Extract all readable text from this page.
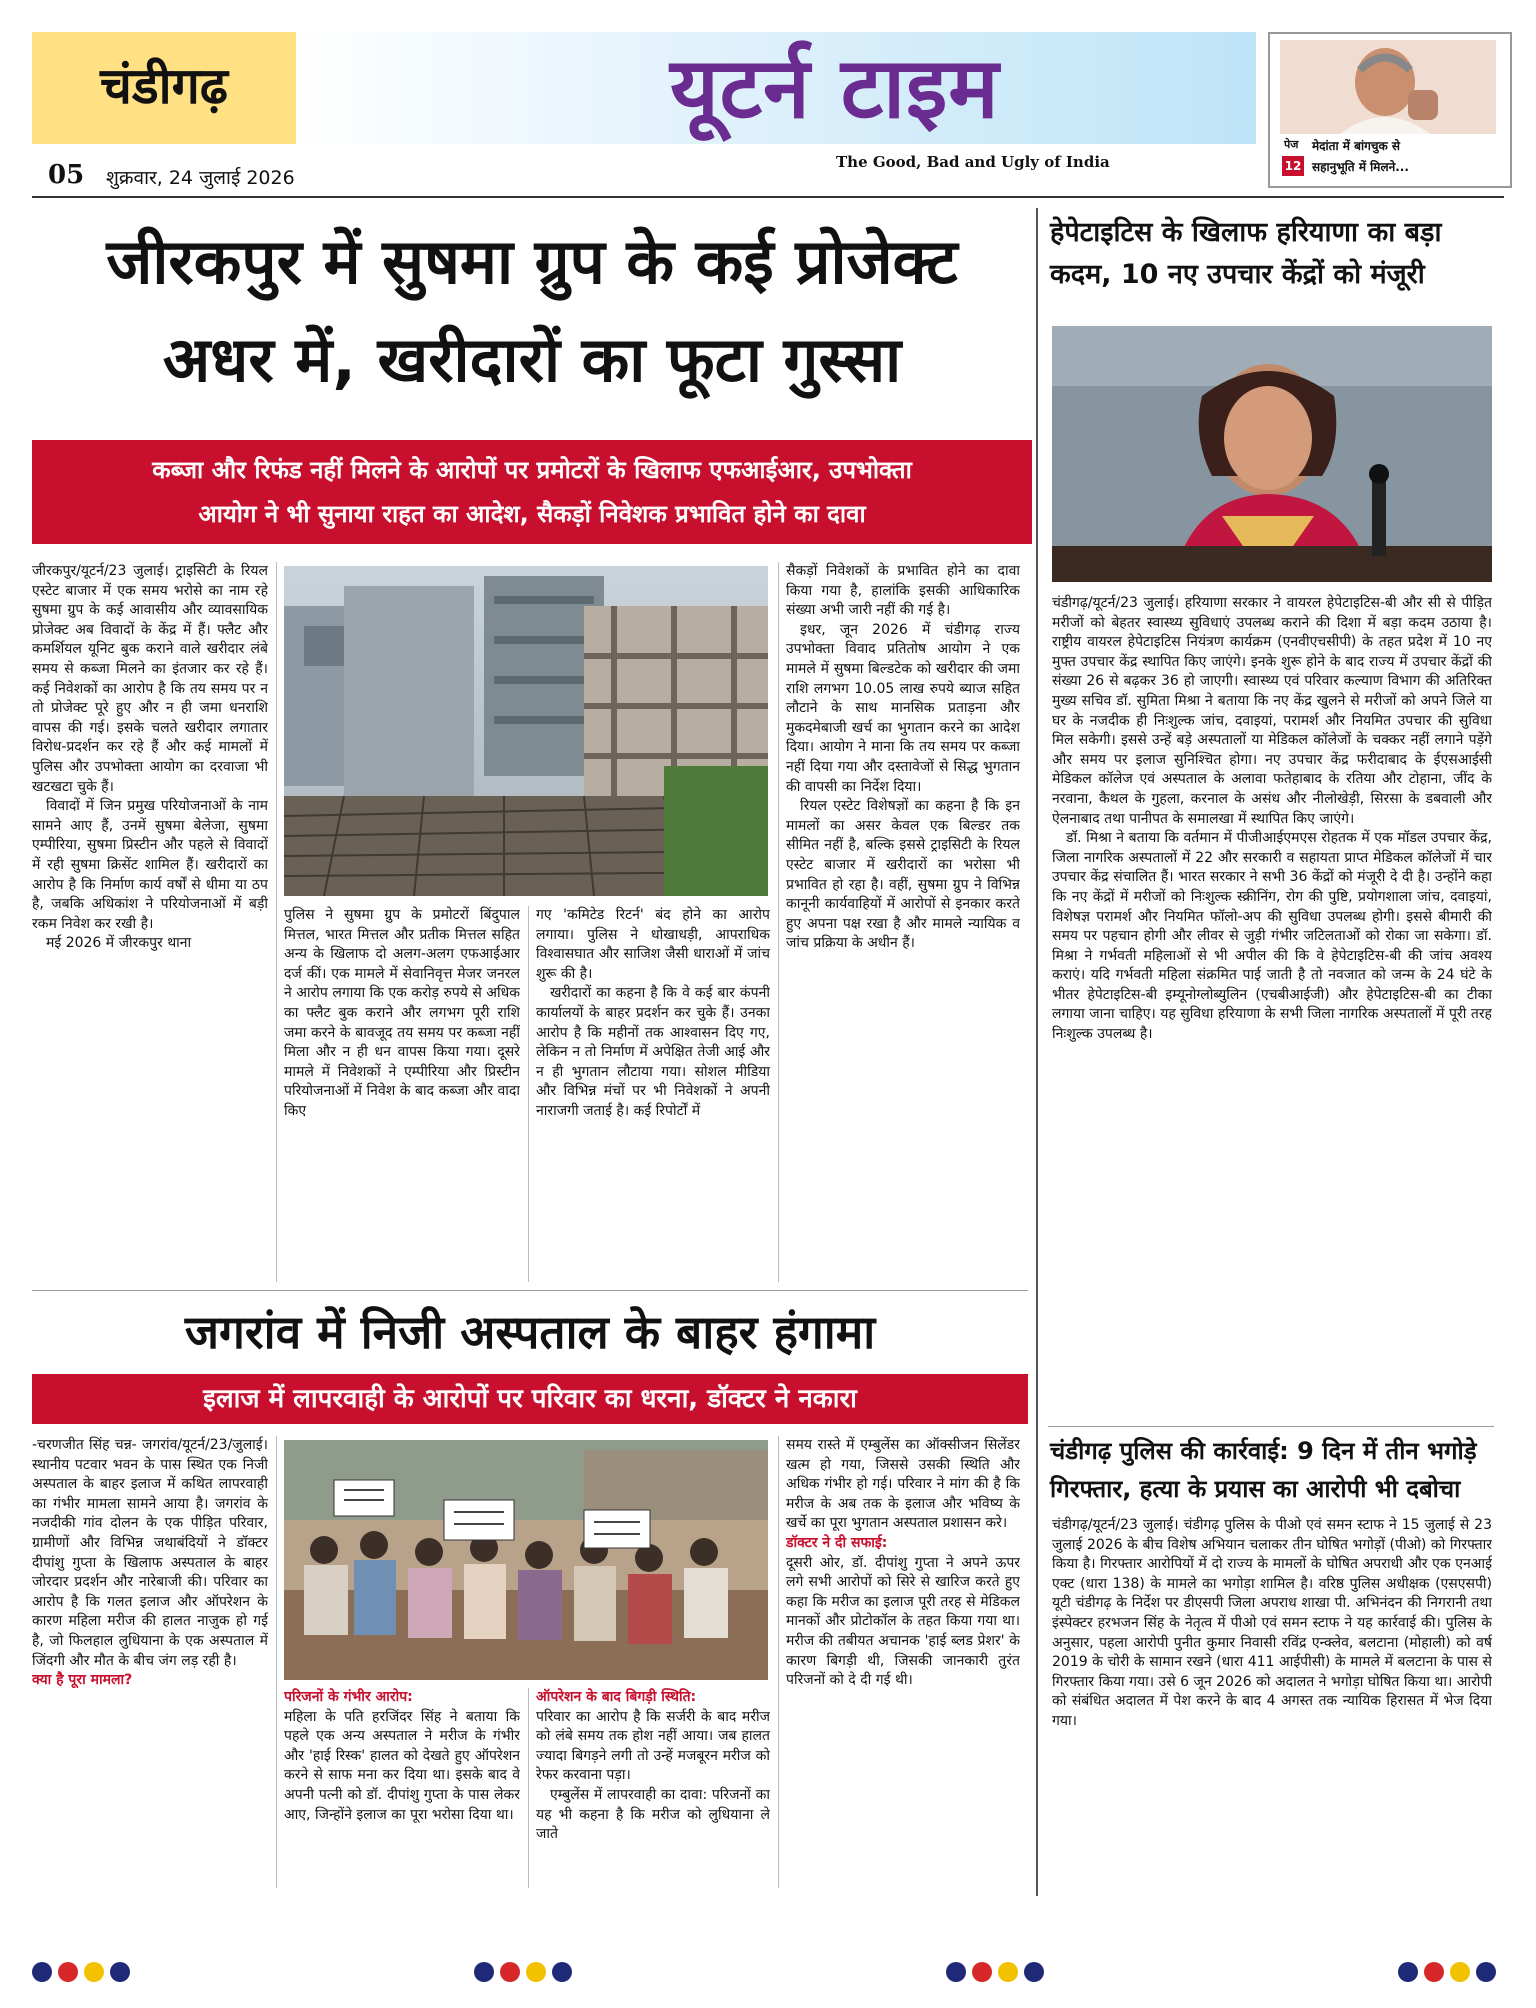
चंडीगढ़	यूटर्न टाइम
The Good, Bad and Ugly of India
05 शुक्रवार, 24 जुलाई 2026
पेज
12
मेदांता में बांगचुक से
सहानुभूति में मिलने...
जीरकपुर में सुषमा ग्रुप के कई प्रोजेक्ट
अधर में, खरीदारों का फूटा गुस्सा
कब्जा और रिफंड नहीं मिलने के आरोपों पर प्रमोटरों के खिलाफ एफआईआर, उपभोक्ता
आयोग ने भी सुनाया राहत का आदेश, सैकड़ों निवेशक प्रभावित होने का दावा

जीरकपुर/यूटर्न/23 जुलाई। ट्राइसिटी के रियल एस्टेट बाजार में एक समय भरोसे का नाम रहे सुषमा ग्रुप के कई आवासीय और व्यावसायिक प्रोजेक्ट अब विवादों के केंद्र में हैं। फ्लैट और कमर्शियल यूनिट बुक कराने वाले खरीदार लंबे समय से कब्जा मिलने का इंतजार कर रहे हैं। कई निवेशकों का आरोप है कि तय समय पर न तो प्रोजेक्ट पूरे हुए और न ही जमा धनराशि वापस की गई। इसके चलते खरीदार लगातार विरोध-प्रदर्शन कर रहे हैं और कई मामलों में पुलिस और उपभोक्ता आयोग का दरवाजा भी खटखटा चुके हैं।

विवादों में जिन प्रमुख परियोजनाओं के नाम सामने आए हैं, उनमें सुषमा बेलेजा, सुषमा एम्पीरिया, सुषमा प्रिस्टीन और पहले से विवादों में रही सुषमा क्रिसेंट शामिल हैं। खरीदारों का आरोप है कि निर्माण कार्य वर्षों से धीमा या ठप है, जबकि अधिकांश ने परियोजनाओं में बड़ी रकम निवेश कर रखी है।

मई 2026 में जीरकपुर थाना

पुलिस ने सुषमा ग्रुप के प्रमोटरों बिंदुपाल मित्तल, भारत मित्तल और प्रतीक मित्तल सहित अन्य के खिलाफ दो अलग-अलग एफआईआर दर्ज कीं। एक मामले में सेवानिवृत्त मेजर जनरल ने आरोप लगाया कि एक करोड़ रुपये से अधिक का फ्लैट बुक कराने और लगभग पूरी राशि जमा करने के बावजूद तय समय पर कब्जा नहीं मिला और न ही धन वापस किया गया। दूसरे मामले में निवेशकों ने एम्पीरिया और प्रिस्टीन परियोजनाओं में निवेश के बाद कब्जा और वादा किए

गए 'कमिटेड रिटर्न' बंद होने का आरोप लगाया। पुलिस ने धोखाधड़ी, आपराधिक विश्वासघात और साजिश जैसी धाराओं में जांच शुरू की है।

खरीदारों का कहना है कि वे कई बार कंपनी कार्यालयों के बाहर प्रदर्शन कर चुके हैं। उनका आरोप है कि महीनों तक आश्वासन दिए गए, लेकिन न तो निर्माण में अपेक्षित तेजी आई और न ही भुगतान लौटाया गया। सोशल मीडिया और विभिन्न मंचों पर भी निवेशकों ने अपनी नाराजगी जताई है। कई रिपोर्टों में

सैकड़ों निवेशकों के प्रभावित होने का दावा किया गया है, हालांकि इसकी आधिकारिक संख्या अभी जारी नहीं की गई है।

इधर, जून 2026 में चंडीगढ़ राज्य उपभोक्ता विवाद प्रतितोष आयोग ने एक मामले में सुषमा बिल्डटेक को खरीदार की जमा राशि लगभग 10.05 लाख रुपये ब्याज सहित लौटाने के साथ मानसिक प्रताड़ना और मुकदमेबाजी खर्च का भुगतान करने का आदेश दिया। आयोग ने माना कि तय समय पर कब्जा नहीं दिया गया और दस्तावेजों से सिद्ध भुगतान की वापसी का निर्देश दिया।

रियल एस्टेट विशेषज्ञों का कहना है कि इन मामलों का असर केवल एक बिल्डर तक सीमित नहीं है, बल्कि इससे ट्राइसिटी के रियल एस्टेट बाजार में खरीदारों का भरोसा भी प्रभावित हो रहा है। वहीं, सुषमा ग्रुप ने विभिन्न कानूनी कार्यवाहियों में आरोपों से इनकार करते हुए अपना पक्ष रखा है और मामले न्यायिक व जांच प्रक्रिया के अधीन हैं।

जगरांव में निजी अस्पताल के बाहर हंगामा
इलाज में लापरवाही के आरोपों पर परिवार का धरना, डॉक्टर ने नकारा

-चरणजीत सिंह चन्न- जगरांव/यूटर्न/23/जुलाई। स्थानीय पटवार भवन के पास स्थित एक निजी अस्पताल के बाहर इलाज में कथित लापरवाही का गंभीर मामला सामने आया है। जगरांव के नजदीकी गांव दोलन के एक पीड़ित परिवार, ग्रामीणों और विभिन्न जथाबंदियों ने डॉक्टर दीपांशु गुप्ता के खिलाफ अस्पताल के बाहर जोरदार प्रदर्शन और नारेबाजी की। परिवार का आरोप है कि गलत इलाज और ऑपरेशन के कारण महिला मरीज की हालत नाजुक हो गई है, जो फिलहाल लुधियाना के एक अस्पताल में जिंदगी और मौत के बीच जंग लड़ रही है।

क्या है पूरा मामला?

परिजनों के गंभीर आरोप:

महिला के पति हरजिंदर सिंह ने बताया कि पहले एक अन्य अस्पताल ने मरीज के गंभीर और 'हाई रिस्क' हालत को देखते हुए ऑपरेशन करने से साफ मना कर दिया था। इसके बाद वे अपनी पत्नी को डॉ. दीपांशु गुप्ता के पास लेकर आए, जिन्होंने इलाज का पूरा भरोसा दिया था।

ऑपरेशन के बाद बिगड़ी स्थिति:

परिवार का आरोप है कि सर्जरी के बाद मरीज को लंबे समय तक होश नहीं आया। जब हालत ज्यादा बिगड़ने लगी तो उन्हें मजबूरन मरीज को रेफर करवाना पड़ा।

एम्बुलेंस में लापरवाही का दावा: परिजनों का यह भी कहना है कि मरीज को लुधियाना ले जाते

समय रास्ते में एम्बुलेंस का ऑक्सीजन सिलेंडर खत्म हो गया, जिससे उसकी स्थिति और अधिक गंभीर हो गई। परिवार ने मांग की है कि मरीज के अब तक के इलाज और भविष्य के खर्चे का पूरा भुगतान अस्पताल प्रशासन करे।

डॉक्टर ने दी सफाई:

दूसरी ओर, डॉ. दीपांशु गुप्ता ने अपने ऊपर लगे सभी आरोपों को सिरे से खारिज करते हुए कहा कि मरीज का इलाज पूरी तरह से मेडिकल मानकों और प्रोटोकॉल के तहत किया गया था। मरीज की तबीयत अचानक 'हाई ब्लड प्रेशर' के कारण बिगड़ी थी, जिसकी जानकारी तुरंत परिजनों को दे दी गई थी।

हेपेटाइटिस के खिलाफ हरियाणा का बड़ा कदम, 10 नए उपचार केंद्रों को मंजूरी

चंडीगढ़/यूटर्न/23 जुलाई। हरियाणा सरकार ने वायरल हेपेटाइटिस-बी और सी से पीड़ित मरीजों को बेहतर स्वास्थ्य सुविधाएं उपलब्ध कराने की दिशा में बड़ा कदम उठाया है। राष्ट्रीय वायरल हेपेटाइटिस नियंत्रण कार्यक्रम (एनवीएचसीपी) के तहत प्रदेश में 10 नए मुफ्त उपचार केंद्र स्थापित किए जाएंगे। इनके शुरू होने के बाद राज्य में उपचार केंद्रों की संख्या 26 से बढ़कर 36 हो जाएगी। स्वास्थ्य एवं परिवार कल्याण विभाग की अतिरिक्त मुख्य सचिव डॉ. सुमिता मिश्रा ने बताया कि नए केंद्र खुलने से मरीजों को अपने जिले या घर के नजदीक ही निःशुल्क जांच, दवाइयां, परामर्श और नियमित उपचार की सुविधा मिल सकेगी। इससे उन्हें बड़े अस्पतालों या मेडिकल कॉलेजों के चक्कर नहीं लगाने पड़ेंगे और समय पर इलाज सुनिश्चित होगा। नए उपचार केंद्र फरीदाबाद के ईएसआईसी मेडिकल कॉलेज एवं अस्पताल के अलावा फतेहाबाद के रतिया और टोहाना, जींद के नरवाना, कैथल के गुहला, करनाल के असंध और नीलोखेड़ी, सिरसा के डबवाली और ऐलनाबाद तथा पानीपत के समालखा में स्थापित किए जाएंगे।

डॉ. मिश्रा ने बताया कि वर्तमान में पीजीआईएमएस रोहतक में एक मॉडल उपचार केंद्र, जिला नागरिक अस्पतालों में 22 और सरकारी व सहायता प्राप्त मेडिकल कॉलेजों में चार उपचार केंद्र संचालित हैं। भारत सरकार ने सभी 36 केंद्रों को मंजूरी दे दी है। उन्होंने कहा कि नए केंद्रों में मरीजों को निःशुल्क स्क्रीनिंग, रोग की पुष्टि, प्रयोगशाला जांच, दवाइयां, विशेषज्ञ परामर्श और नियमित फॉलो-अप की सुविधा उपलब्ध होगी। इससे बीमारी की समय पर पहचान होगी और लीवर से जुड़ी गंभीर जटिलताओं को रोका जा सकेगा। डॉ. मिश्रा ने गर्भवती महिलाओं से भी अपील की कि वे हेपेटाइटिस-बी की जांच अवश्य कराएं। यदि गर्भवती महिला संक्रमित पाई जाती है तो नवजात को जन्म के 24 घंटे के भीतर हेपेटाइटिस-बी इम्यूनोग्लोब्युलिन (एचबीआईजी) और हेपेटाइटिस-बी का टीका लगाया जाना चाहिए। यह सुविधा हरियाणा के सभी जिला नागरिक अस्पतालों में पूरी तरह निःशुल्क उपलब्ध है।

चंडीगढ़ पुलिस की कार्रवाई: 9 दिन में तीन भगोड़े गिरफ्तार, हत्या के प्रयास का आरोपी भी दबोचा

चंडीगढ़/यूटर्न/23 जुलाई। चंडीगढ़ पुलिस के पीओ एवं समन स्टाफ ने 15 जुलाई से 23 जुलाई 2026 के बीच विशेष अभियान चलाकर तीन घोषित भगोड़ों (पीओ) को गिरफ्तार किया है। गिरफ्तार आरोपियों में दो राज्य के मामलों के घोषित अपराधी और एक एनआई एक्ट (धारा 138) के मामले का भगोड़ा शामिल है। वरिष्ठ पुलिस अधीक्षक (एसएसपी) यूटी चंडीगढ़ के निर्देश पर डीएसपी जिला अपराध शाखा पी. अभिनंदन की निगरानी तथा इंस्पेक्टर हरभजन सिंह के नेतृत्व में पीओ एवं समन स्टाफ ने यह कार्रवाई की। पुलिस के अनुसार, पहला आरोपी पुनीत कुमार निवासी रविंद्र एन्क्लेव, बलटाना (मोहाली) को वर्ष 2019 के चोरी के सामान रखने (धारा 411 आईपीसी) के मामले में बलटाना के पास से गिरफ्तार किया गया। उसे 6 जून 2026 को अदालत ने भगोड़ा घोषित किया था। आरोपी को संबंधित अदालत में पेश करने के बाद 4 अगस्त तक न्यायिक हिरासत में भेज दिया गया।
